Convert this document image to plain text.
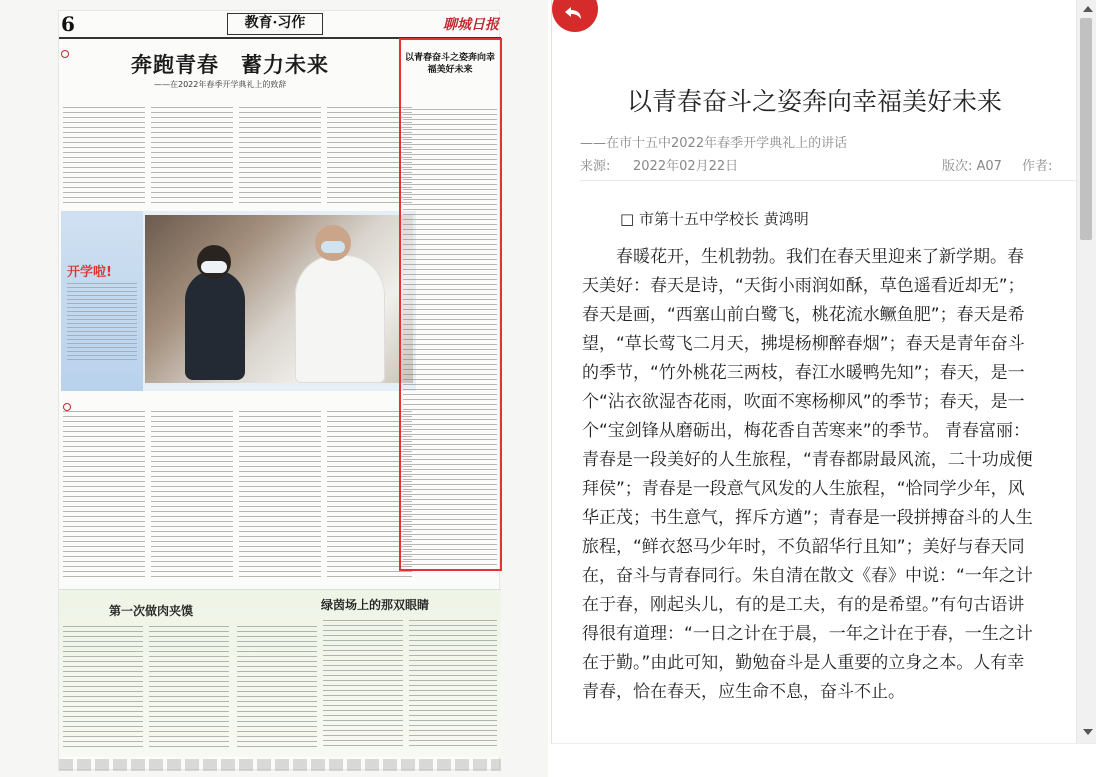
6	教育·习作	聊城日报
奔跑青春　蓄力未来
——在2022年春季开学典礼上的致辞
开学啦!
第一次做肉夹馍	绿茵场上的那双眼睛
以青春奋斗之姿奔向幸福美好未来
以青春奋斗之姿奔向幸福美好未来
——在市十五中2022年春季开学典礼上的讲话
来源: 2022年02月22日	版次: A07 作者:
□ 市第十五中学校长 黄鸿明
春暖花开，生机勃勃。我们在春天里迎来了新学期。春天美好：春天是诗，“天街小雨润如酥，草色遥看近却无”；春天是画，“西塞山前白鹭飞，桃花流水鳜鱼肥”；春天是希望，“草长莺飞二月天，拂堤杨柳醉春烟”；春天是青年奋斗的季节，“竹外桃花三两枝，春江水暖鸭先知”；春天，是一个“沾衣欲湿杏花雨，吹面不寒杨柳风”的季节；春天，是一个“宝剑锋从磨砺出，梅花香自苦寒来”的季节。 青春富丽：青春是一段美好的人生旅程，“青春都尉最风流，二十功成便拜侯”；青春是一段意气风发的人生旅程，“恰同学少年，风华正茂；书生意气，挥斥方遒”；青春是一段拼搏奋斗的人生旅程，“鲜衣怒马少年时，不负韶华行且知”；美好与春天同在，奋斗与青春同行。朱自清在散文《春》中说：“一年之计在于春，刚起头儿，有的是工夫，有的是希望。”有句古语讲得很有道理：“一日之计在于晨，一年之计在于春，一生之计在于勤。”由此可知，勤勉奋斗是人重要的立身之本。人有幸青春，恰在春天，应生命不息，奋斗不止。
